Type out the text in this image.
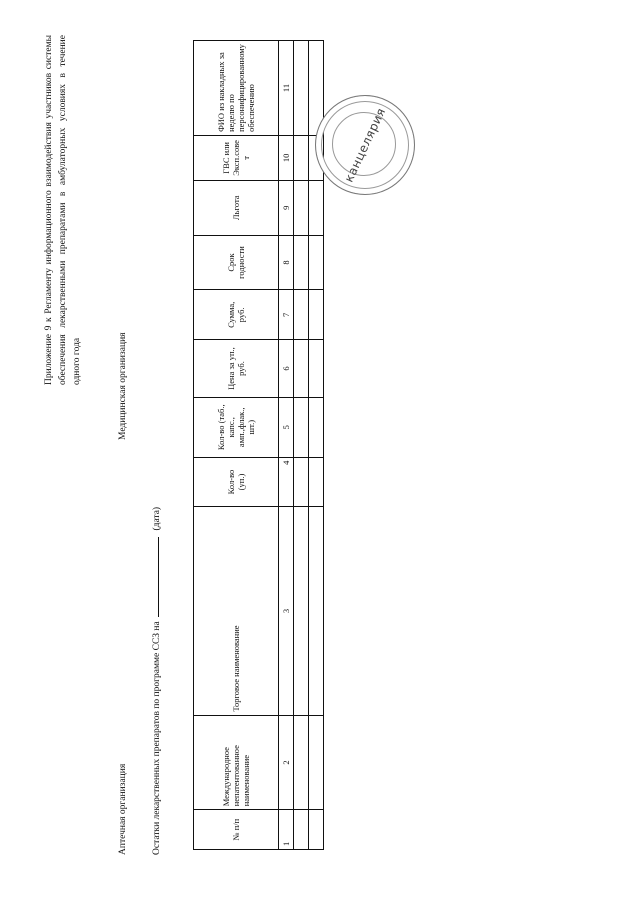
Приложение 9 к Регламенту информационного взаимодействия участников системы обеспечения лекарственными препаратами в амбулаторных условиях в течение одного года	Медицинская организация
Аптечная организация	Остатки лекарственных препаратов по программе ССЗ на  (дата)
№ п/п	Международное непатентованное наименование	Торговое наименование	Кол-во (уп.)	Кол-во (таб., капс., амп.,флак., шт.)	Цена за уп., руб.	Сумма, руб.	Срок годности	Льгота	ГВС или Эксп.сове т	ФИО из накладных за неделю по персонифицированному обеспечению
1	2	3	4	5	6	7	8	9	10	11

канцелярия
